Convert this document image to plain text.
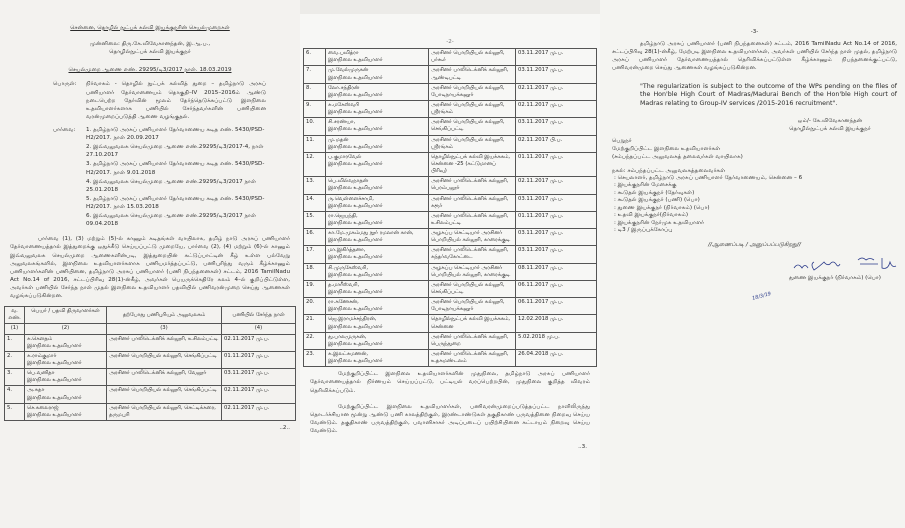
சென்னை, தொழில் நுட்பக் கல்வி இயக்குநரின் செயல்முறைகள்
முன்னிலை: திரு.கே.விவேகானந்தன், இ.ஆ.ப.,
தொழில்நுட்பக் கல்வி இயக்குநர்
செயல்முறை ஆணை எண். 29295/டி3/2017 நாள். 18.03.2019
பொருள்:	நிர்வாகம் - தொழில் நுட்பக் கல்வித் துறை – தமிழ்நாடு அரசுப் பணியாளர் தேர்வாணையம் தொகுதி–IV 2015–2016ம் ஆண்டு நடைபெற்ற தேர்வின் மூலம் தேர்ந்தெடுக்கப்பட்டு இளநிலை உதவியாளர்களாக பணியில் சேர்ந்தவர்களின் பணியினை வரன்முறைப்படுத்தி ஆணை வழங்குதல்.
பார்வை:	1. தமிழ்நாடு அரசுப் பணியாளர் தேர்வாணைய கடித எண். 5430/PSD-H2/2017. நாள் 20.09.2017
2. இவ்வலுவலக செயல்முறை ஆணை எண்.29295/டி3/2017-4, நாள் 27.10.2017
3. தமிழ்நாடு அரசுப் பணியாளர் தேர்வாணைய கடித எண். 5430/PSD-H2/2017. நாள் 9.01.2018
4. இவ்வலுவலக செயல்முறை ஆணை எண்.29295/டி3/2017 நாள் 25.01.2018
5. தமிழ்நாடு அரசுப் பணியாளர் தேர்வாணைய கடித எண். 5430/PSD-H2/2017. நாள் 15.03.2018
6. இவ்வலுவலக செயல்முறை ஆணை எண்.29295/டி3/2017 நாள் 09.04.2018

பார்வை (1), (3) மற்றும் (5)-ல் காணும் கடிதங்கள் வாயிலாக, தமிழ் நாடு அரசுப் பணியாளர் தேர்வாணையத்தால் இத்துறைக்கு ஒதுக்கீடு செய்யப்பட்டு முறையே, பார்வை (2), (4) மற்றும் (6)-ல் காணும் இவ்வலுவலக செயல்முறை ஆணைகளின்படி, இத்துறையின் கட்டுப்பாட்டின் கீழ் உள்ள பல்வேறு அலுவலகங்களில், இளநிலை உதவியாளர்களாக பணியமர்த்தப்பட்டு, பணிபுரிந்து வரும் கீழ்க்காணும் பணியாளர்களின் பணியினை, தமிழ்நாடு அரசுப் பணியாளர் (பணி நிபந்தனைகள்) சட்டம், 2016 TamilNadu Act No.14 of 2016, சட்டப்பிரிவு 28(1)-ன்கீழ், அவர்கள் பெயருக்கெதிரே கலம் 4–ல் குறிப்பிட்டுள்ள, அவர்கள் பணியில் சேர்ந்த நாள் முதல் இளநிலை உதவியாளர் பதவியில் பணிவரன்முறை செய்து ஆணைகள் வழங்கப்படுகின்றன.

வ. எண்.	பெயர் / பதவி திருவாளர்கள்	தற்போது பணிபுரியும் அலுவலகம்	பணியில் சேர்ந்த நாள்
(1)	(2)	(3)	(4)
1.	சு.கௌதம்
இளநிலை உதவியாளர்	அரசினர் பாலிடெக்னிக் கல்லூரி, உசிலம்பட்டி	02.11.2017 மு.ப.
2.	க.ராம்குமார்
இளநிலை உதவியாளர்	அரசினர் பொறியியல் கல்லூரி, செங்கிப்பட்டி	01.11.2017 மு.ப.
3.	பெ.வனிதா
இளநிலை உதவியாளர்	அரசினர் பாலிடெக்னிக் கல்லூரி, வேலூர்	03.11.2017 மு.ப.
4.	அ.சுதா
இளநிலை உதவியாளர்	அரசினர் பொறியியல் கல்லூரி, செங்கிப்பட்டி	02.11.2017 மு.ப.
5.	செ.கலைராஜ்
இளநிலை உதவியாளர்	அரசினர் பொறியியல் கல்லூரி, செட்டிக்கரை, தருமபுரி	02.11.2017 மு.ப.
..2..
-2-
6.	வை.பவித்ரா
இளநிலை உதவியாளர்	அரசினர் பொறியியல் கல்லூரி, பர்கூர்	03.11.2017 மு.ப.
7.	மு.வேல்முருகன்
இளநிலை உதவியாளர்	அரசினர் பாலிடெக்னிக் கல்லூரி, ஆண்டிபட்டி	03.11.2017 மு.ப.
8.	லோ.சந்திரன்
இளநிலை உதவியாளர்	அரசினர் பொறியியல் கல்லூரி, போடிநாயக்கனூர்	02.11.2017 மு.ப.
9.	சு.மகேஸ்வரி
இளநிலை உதவியாளர்	அரசினர் பொறியியல் கல்லூரி, ஸ்ரீரங்கம்	02.11.2017 மு.ப.
10.	சி.சரண்யா,
இளநிலை உதவியாளர்	அரசினர் பொறியியல் கல்லூரி, செங்கிப்பட்டி	03.11.2017 மு.ப.
11.	மு.மதன்
இளநிலை உதவியாளர்	அரசினர் பொறியியல் கல்லூரி, ஸ்ரீரங்கம்	02.11.2017 பி.ப.
12.	ப.குமாரவேல்
இளநிலை உதவியாளர்	தொழில்நுட்பக் கல்வி இயக்ககம், சென்னை -25 (கட்டுமானப் பிரிவு)	01.11.2017 மு.ப.
13.	பெ.வில்வநாதன்
இளநிலை உதவியாளர்	அரசினர் பாலிடெக்னிக் கல்லூரி, பெரம்பலூர்	02.11.2017 மு.ப.
14.	ரு.வெள்ளைச்சாமி,
இளநிலை உதவியாளர்	அரசினர் பாலிடெக்னிக் கல்லூரி, கரூர்	03.11.2017 மு.ப.
15.	ரா.ஜெயந்தி,
இளநிலை உதவியாளர்	அரசினர் பாலிடெக்னிக் கல்லூரி, உசிலம்பட்டி	01.11.2017 மு.ப.
16.	கா.மே.முகம்மது நூர் ரமலான் கான்,
இளநிலை உதவியாளர்	அழகப்ப செட்டியார் அரசினர் பொறியியல் கல்லூரி, காரைக்குடி	03.11.2017 மு.ப.
17.	மா.இகிர்த்தனா,
இளநிலை உதவியாளர்	அரசினர் பாலிடெக்னிக் கல்லூரி, கந்தர்வகோட்டை	03.11.2017 மு.ப.
18.	சி.முருகேஸ்வரி,
இளநிலை உதவியாளர்	அழகப்ப செட்டியார் அரசினர் பொறியியல் கல்லூரி, காரைக்குடி	08.11.2017 மு.ப.
19.	த.மாரீஸ்வரி,
இளநிலை உதவியாளர்	அரசினர் பொறியியல் கல்லூரி, செங்கிப்பட்டி	06.11.2017 மு.ப.
20.	ரா.கணேசன்,
இளநிலை உதவியாளர்	அரசினர் பொறியியல் கல்லூரி, போடிநாயக்கனூர்	06.11.2017 மு.ப.
21.	ஜெ.இராமச்சந்திரன்,
இளநிலை உதவியாளர்	தொழில்நுட்பக் கல்வி இயக்ககம், சென்னை	12.02.2018 மு.ப.
22.	து.பாலமுருகன்,
இளநிலை உதவியாளர்	அரசினர் பாலிடெக்னிக் கல்லூரி, பெருந்துறை	5.02.2018 மு.ப.
23.	க.இலட்சுமணன்,
இளநிலை உதவியாளர்	அரசினர் பாலிடெக்னிக் கல்லூரி, உதகமண்டலம்	26.04.2018 மு.ப.

மேற்குறிப்பிட்ட இளநிலை உதவியாளர்களின் முதுநிலை, தமிழ்நாடு அரசுப் பணியாளர் தேர்வாணையத்தால் நிர்ணயம் செய்யப்பட்டு, பட்டியல் வரப்பெற்றபின், முதுநிலை குறித்த விவரம் தெரிவிக்கப்படும்.

மேற்குறிப்பிட்ட இளநிலை உதவியாளர்கள், பணிவரன்முறைப்படுத்தப்பட்ட நாளிலிருந்து தொடர்ச்சியான மூன்று ஆண்டு பணி காலத்திற்குள், இரண்டாண்டுகள் தகுதிகாண் பருவத்தினை நிறைவு செய்ய வேண்டும். தகுதிகாண் பருவத்திற்குள், பவானிசாகர் அடிப்படைப் பயிற்சியினை கட்டாயம் நிறைவு செய்ய வேண்டும்.

..3.
-3-

தமிழ்நாடு அரசுப் பணியாளர் (பணி நிபந்தனைகள்) சட்டம், 2016 TamilNadu Act No.14 of 2016, சட்டப்பிரிவு 28(1)-ன்கீழ், மேற்படி இளநிலை உதவியாளர்கள், அவர்கள் பணியில் சேர்ந்த நாள் முதல், தமிழ்நாடு அரசுப் பணியாளர் தேர்வாணையத்தால் தெரிவிக்கப்பட்டுள்ள கீழ்க்காணும் நிபந்தனைக்குட்பட்டு, பணிவரன்முறை செய்து ஆணைகள் வழங்கப்படுகின்றன.

"The regularization is subject to the outcome of the WPs pending on the files of the Hon'ble High Court of Madras/Madurai Bench of the Hon'ble High court of Madras relating to Group-IV services /2015-2016 recruitment".
ஒம்/- கே.விவேகானந்தன்
தொழில்நுட்பக் கல்வி இயக்குநர்
பெறுநர்
மேற்குறிப்பிட்ட இளநிலை உதவியாளர்கள்
(சம்பந்தப்பட்ட அலுவலகத் தலைவர்கள் வாயிலாக)
நகல்: சம்பந்தப்பட்ட அலுவலகத்தலைவர்கள்
: செயலாளர், தமிழ்நாடு அரசுப் பணியாளர் தேர்வாணையம், சென்னை – 6
: இயக்குநரின் மேசைக்கு
: கூடுதல் இயக்குநர் (தேர்வுகள்)
: கூடுதல் இயக்குநர் (பணி) (பொ)
: துணை இயக்குநர் (நிர்வாகம்) (பொ)
: உதவி இயக்குநர்(நிர்வாகம்)
: இயக்குநரின் நேர்முக உதவியாளர்
: டி3 / இருப்புக்கோப்பு
//ஆணைப்படி / அனுப்பப்படுகிறது//
துணை இயக்குநர் (நிர்வாகம்) (பொ)
18/3/19
